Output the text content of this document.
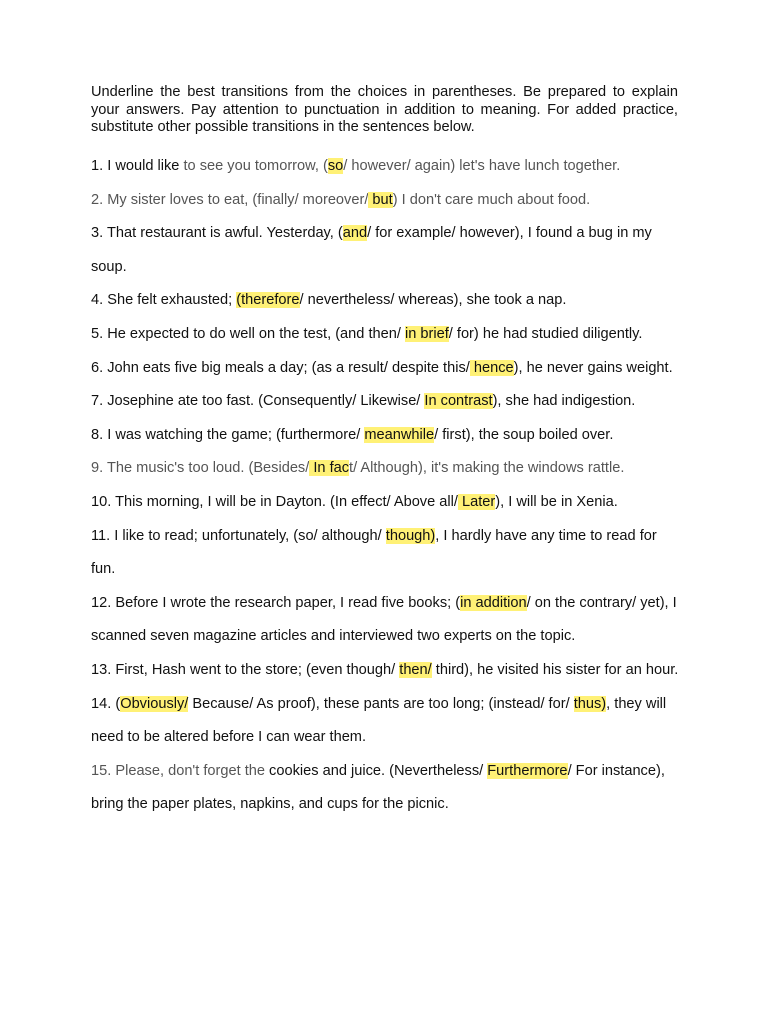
Underline the best transitions from the choices in parentheses. Be prepared to explain your answers. Pay attention to punctuation in addition to meaning. For added practice, substitute other possible transitions in the sentences below.

1. I would like to see you tomorrow, (so/ however/ again) let's have lunch together.

2. My sister loves to eat, (finally/ moreover/ but) I don't care much about food.

3. That restaurant is awful. Yesterday, (and/ for example/ however), I found a bug in my soup.

4. She felt exhausted; (therefore/ nevertheless/ whereas), she took a nap.

5. He expected to do well on the test, (and then/ in brief/ for) he had studied diligently.

6. John eats five big meals a day; (as a result/ despite this/ hence), he never gains weight.

7. Josephine ate too fast. (Consequently/ Likewise/ In contrast), she had indigestion.

8. I was watching the game; (furthermore/ meanwhile/ first), the soup boiled over.

9. The music's too loud. (Besides/ In fact/ Although), it's making the windows rattle.

10. This morning, I will be in Dayton. (In effect/ Above all/ Later), I will be in Xenia.

11. I like to read; unfortunately, (so/ although/ though), I hardly have any time to read for fun.

12. Before I wrote the research paper, I read five books; (in addition/ on the contrary/ yet), I scanned seven magazine articles and interviewed two experts on the topic.

13. First, Hash went to the store; (even though/ then/ third), he visited his sister for an hour.

14. (Obviously/ Because/ As proof), these pants are too long; (instead/ for/ thus), they will need to be altered before I can wear them.

15. Please, don't forget the cookies and juice. (Nevertheless/ Furthermore/ For instance), bring the paper plates, napkins, and cups for the picnic.
